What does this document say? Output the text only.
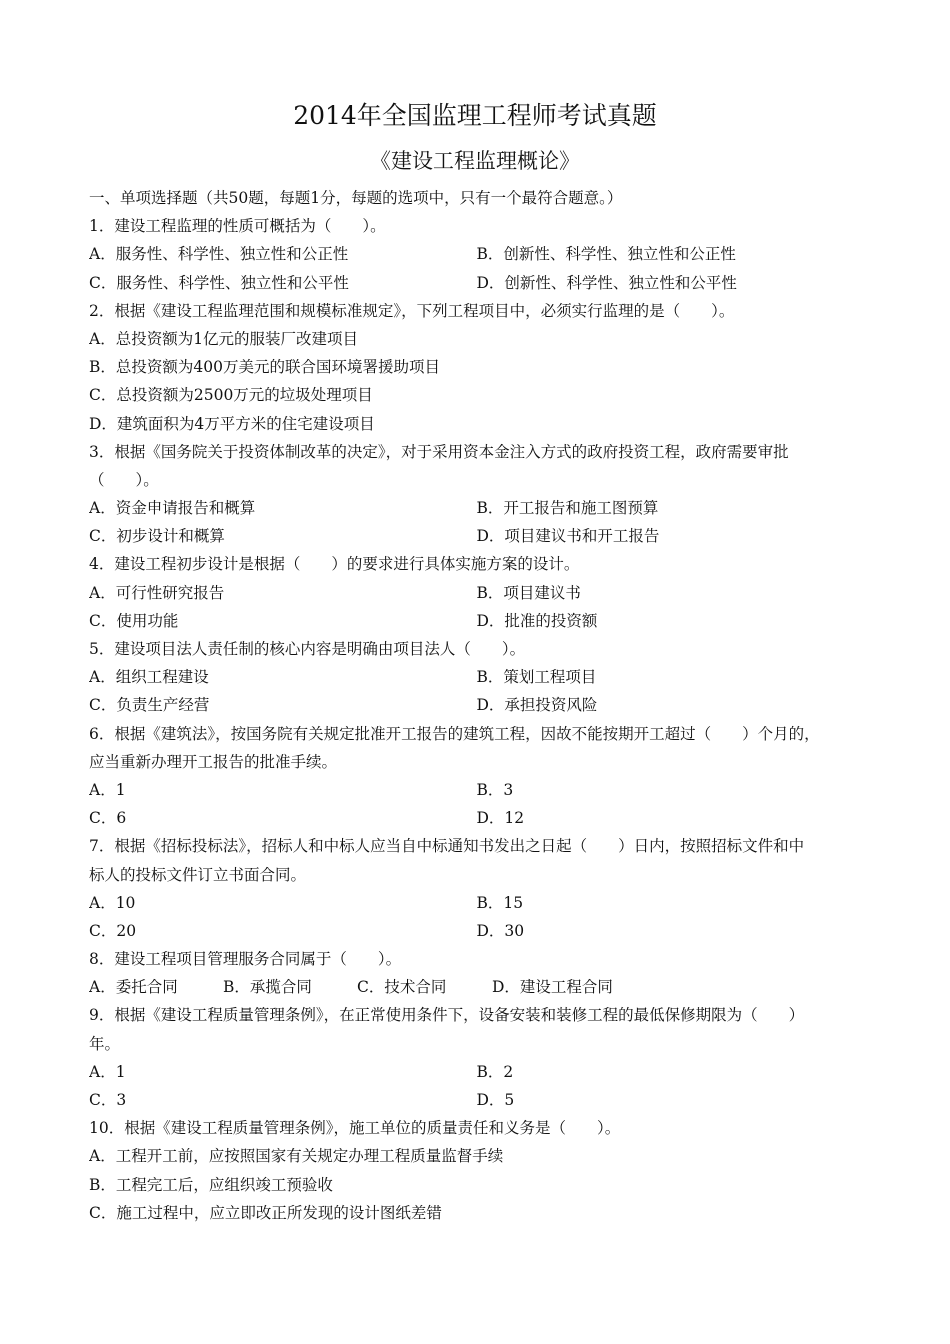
2014年全国监理工程师考试真题
《建设工程监理概论》
一、单项选择题（共50题，每题1分，每题的选项中，只有一个最符合题意。）
1．建设工程监理的性质可概括为（　　）。
A．服务性、科学性、独立性和公正性	B．创新性、科学性、独立性和公正性
C．服务性、科学性、独立性和公平性	D．创新性、科学性、独立性和公平性
2．根据《建设工程监理范围和规模标准规定》，下列工程项目中，必须实行监理的是（　　）。
A．总投资额为1亿元的服装厂改建项目
B．总投资额为400万美元的联合国环境署援助项目
C．总投资额为2500万元的垃圾处理项目
D．建筑面积为4万平方米的住宅建设项目
3．根据《国务院关于投资体制改革的决定》，对于采用资本金注入方式的政府投资工程，政府需要审批
（　　）。
A．资金申请报告和概算	B．开工报告和施工图预算
C．初步设计和概算	D．项目建议书和开工报告
4．建设工程初步设计是根据（　　）的要求进行具体实施方案的设计。
A．可行性研究报告	B．项目建议书
C．使用功能	D．批准的投资额
5．建设项目法人责任制的核心内容是明确由项目法人（　　）。
A．组织工程建设	B．策划工程项目
C．负责生产经营	D．承担投资风险
6．根据《建筑法》，按国务院有关规定批准开工报告的建筑工程，因故不能按期开工超过（　　）个月的，
应当重新办理开工报告的批准手续。
A．1	B．3
C．6	D．12
7．根据《招标投标法》，招标人和中标人应当自中标通知书发出之日起（　　）日内，按照招标文件和中
标人的投标文件订立书面合同。
A．10	B．15
C．20	D．30
8．建设工程项目管理服务合同属于（　　）。
A．委托合同	B．承揽合同	C．技术合同	D．建设工程合同
9．根据《建设工程质量管理条例》，在正常使用条件下，设备安装和装修工程的最低保修期限为（　　）
年。
A．1	B．2
C．3	D．5
10．根据《建设工程质量管理条例》，施工单位的质量责任和义务是（　　）。
A．工程开工前，应按照国家有关规定办理工程质量监督手续
B．工程完工后，应组织竣工预验收
C．施工过程中，应立即改正所发现的设计图纸差错
